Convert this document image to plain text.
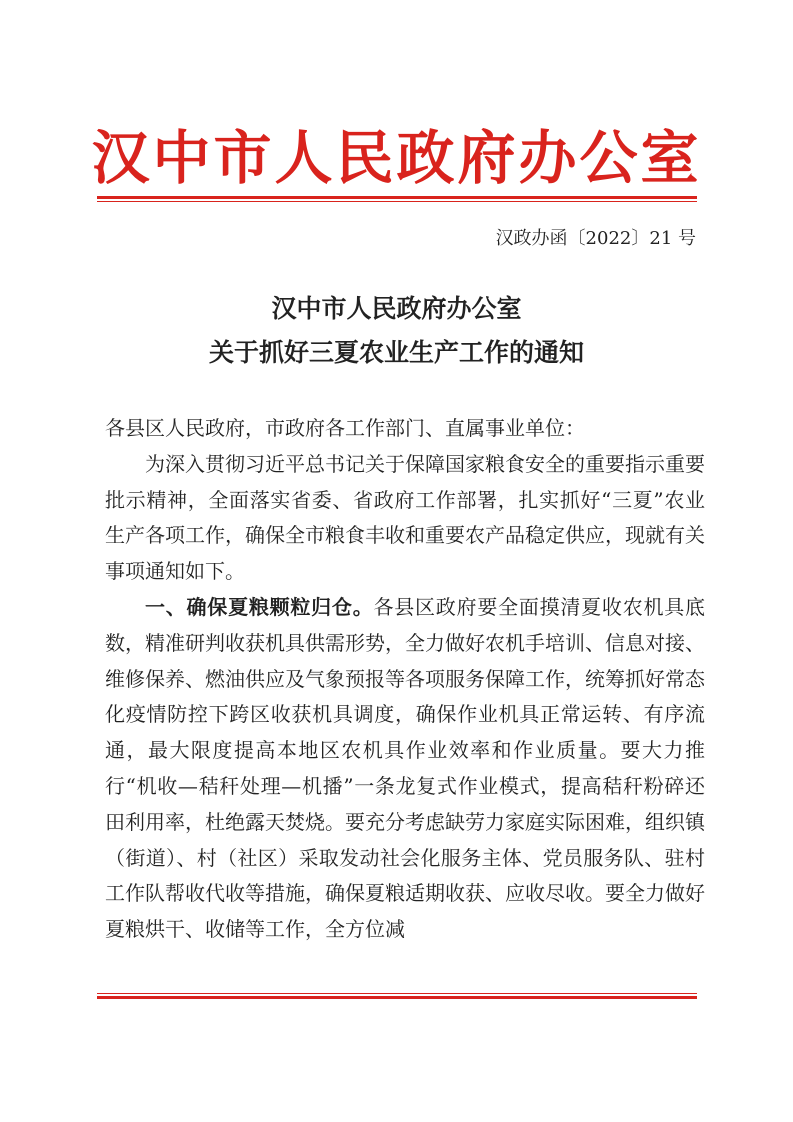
汉中市人民政府办公室
汉政办函〔2022〕21 号
汉中市人民政府办公室
关于抓好三夏农业生产工作的通知

各县区人民政府，市政府各工作部门、直属事业单位：

为深入贯彻习近平总书记关于保障国家粮食安全的重要指示重要批示精神，全面落实省委、省政府工作部署，扎实抓好“三夏”农业生产各项工作，确保全市粮食丰收和重要农产品稳定供应，现就有关事项通知如下。

一、确保夏粮颗粒归仓。各县区政府要全面摸清夏收农机具底数，精准研判收获机具供需形势，全力做好农机手培训、信息对接、维修保养、燃油供应及气象预报等各项服务保障工作，统筹抓好常态化疫情防控下跨区收获机具调度，确保作业机具正常运转、有序流通，最大限度提高本地区农机具作业效率和作业质量。要大力推行“机收—秸秆处理—机播”一条龙复式作业模式，提高秸秆粉碎还田利用率，杜绝露天焚烧。要充分考虑缺劳力家庭实际困难，组织镇（街道）、村（社区）采取发动社会化服务主体、党员服务队、驻村工作队帮收代收等措施，确保夏粮适期收获、应收尽收。要全力做好夏粮烘干、收储等工作，全方位减
